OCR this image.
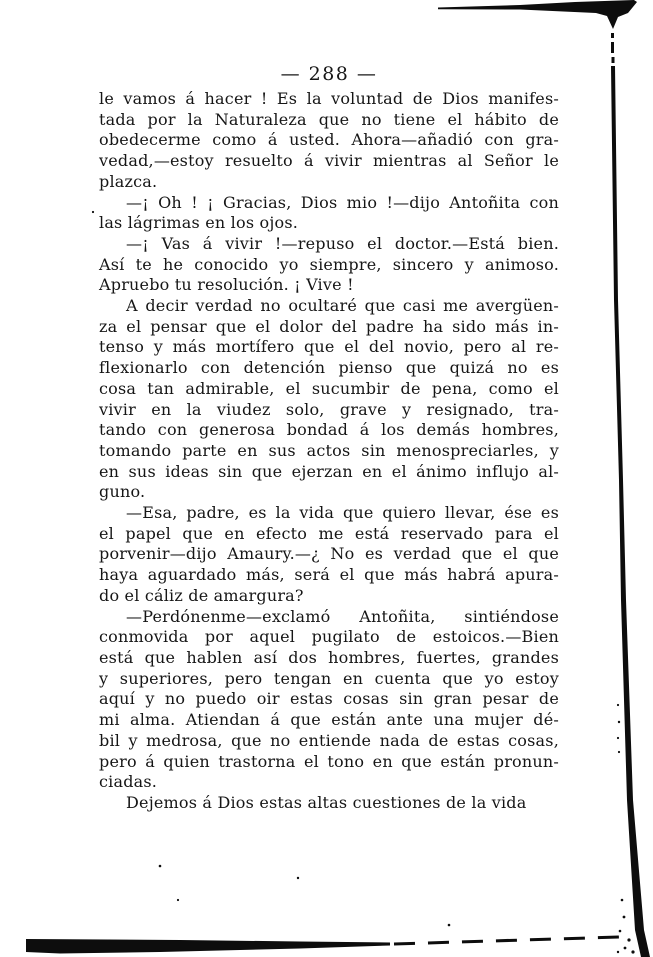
— 288 —
le vamos á hacer ! Es la voluntad de Dios manifes-
tada por la Naturaleza que no tiene el hábito de
obedecerme como á usted. Ahora—añadió con gra-
vedad,—estoy resuelto á vivir mientras al Señor le
plazca.
—¡ Oh ! ¡ Gracias, Dios mio !—dijo Antoñita con
las lágrimas en los ojos.
—¡ Vas á vivir !—repuso el doctor.—Está bien.
Así te he conocido yo siempre, sincero y animoso.
Apruebo tu resolución. ¡ Vive !
A decir verdad no ocultaré que casi me avergüen-
za el pensar que el dolor del padre ha sido más in-
tenso y más mortífero que el del novio, pero al re-
flexionarlo con detención pienso que quizá no es
cosa tan admirable, el sucumbir de pena, como el
vivir en la viudez solo, grave y resignado, tra-
tando con generosa bondad á los demás hombres,
tomando parte en sus actos sin menospreciarles, y
en sus ideas sin que ejerzan en el ánimo influjo al-
guno.
—Esa, padre, es la vida que quiero llevar, ése es
el papel que en efecto me está reservado para el
porvenir—dijo Amaury.—¿ No es verdad que el que
haya aguardado más, será el que más habrá apura-
do el cáliz de amargura?
—Perdónenme—exclamó Antoñita, sintiéndose
conmovida por aquel pugilato de estoicos.—Bien
está que hablen así dos hombres, fuertes, grandes
y superiores, pero tengan en cuenta que yo estoy
aquí y no puedo oir estas cosas sin gran pesar de
mi alma. Atiendan á que están ante una mujer dé-
bil y medrosa, que no entiende nada de estas cosas,
pero á quien trastorna el tono en que están pronun-
ciadas.
Dejemos á Dios estas altas cuestiones de la vida
